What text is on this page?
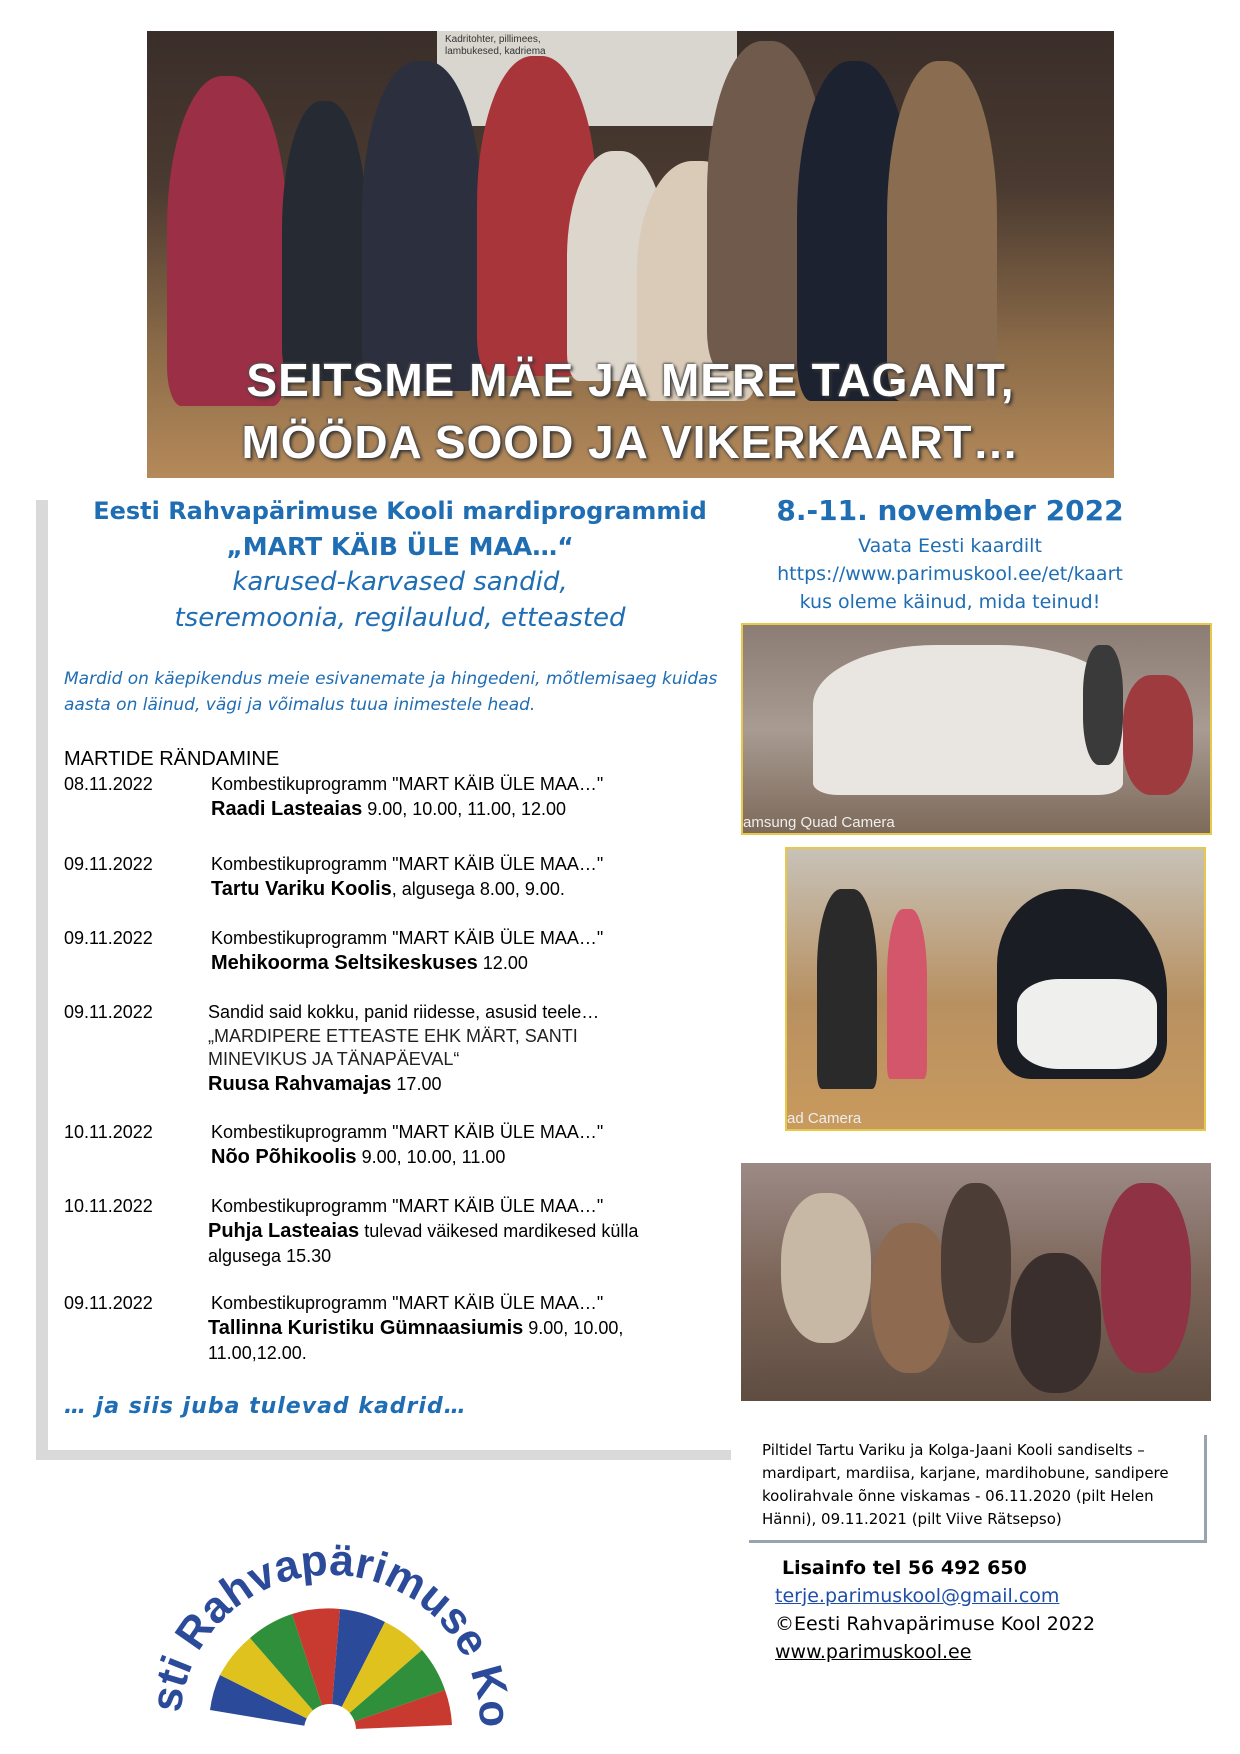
Kadritohter, pillimees, lambukesed, kadriema
SEITSME MÄE JA MERE TAGANT,
MÖÖDA SOOD JA VIKERKAART…
Eesti Rahvapärimuse Kooli mardiprogrammid
„MART KÄIB ÜLE MAA…“
karused-karvased sandid,
tseremoonia, regilaulud, etteasted
Mardid on käepikendus meie esivanemate ja hingedeni, mõtlemisaeg kuidas aasta on läinud, vägi ja võimalus tuua inimestele head.
MARTIDE RÄNDAMINE
08.11.2022	Kombestikuprogramm "MART KÄIB ÜLE MAA…"
Raadi Lasteaias 9.00, 10.00, 11.00, 12.00
09.11.2022	Kombestikuprogramm "MART KÄIB ÜLE MAA…"
Tartu Variku Koolis, algusega 8.00, 9.00.
09.11.2022	Kombestikuprogramm "MART KÄIB ÜLE MAA…"
Mehikoorma Seltsikeskuses 12.00
09.11.2022	Sandid said kokku, panid riidesse, asusid teele…
„MARDIPERE ETTEASTE EHK MÄRT, SANTI
MINEVIKUS JA TÄNAPÄEVAL“
Ruusa Rahvamajas 17.00
10.11.2022	Kombestikuprogramm "MART KÄIB ÜLE MAA…"
Nõo Põhikoolis 9.00, 10.00, 11.00
10.11.2022	Kombestikuprogramm "MART KÄIB ÜLE MAA…"
Puhja Lasteaias tulevad väikesed mardikesed külla
algusega 15.30
09.11.2022	Kombestikuprogramm "MART KÄIB ÜLE MAA…"
Tallinna Kuristiku Gümnaasiumis 9.00, 10.00,
11.00,12.00.
… ja siis juba tulevad kadrid…
8.-11. november 2022
Vaata Eesti kaardilt
https://www.parimuskool.ee/et/kaart
kus oleme käinud, mida teinud!
amsung Quad Camera
ad Camera
Piltidel Tartu Variku ja Kolga-Jaani Kooli sandiselts – mardipart, mardiisa, karjane, mardihobune, sandipere koolirahvale õnne viskamas - 06.11.2020 (pilt Helen Hänni), 09.11.2021 (pilt Viive Rätsepso)
Lisainfo tel 56 492 650
terje.parimuskool@gmail.com
©Eesti Rahvapärimuse Kool 2022
www.parimuskool.ee
sti Rahvapärimuse Ko
